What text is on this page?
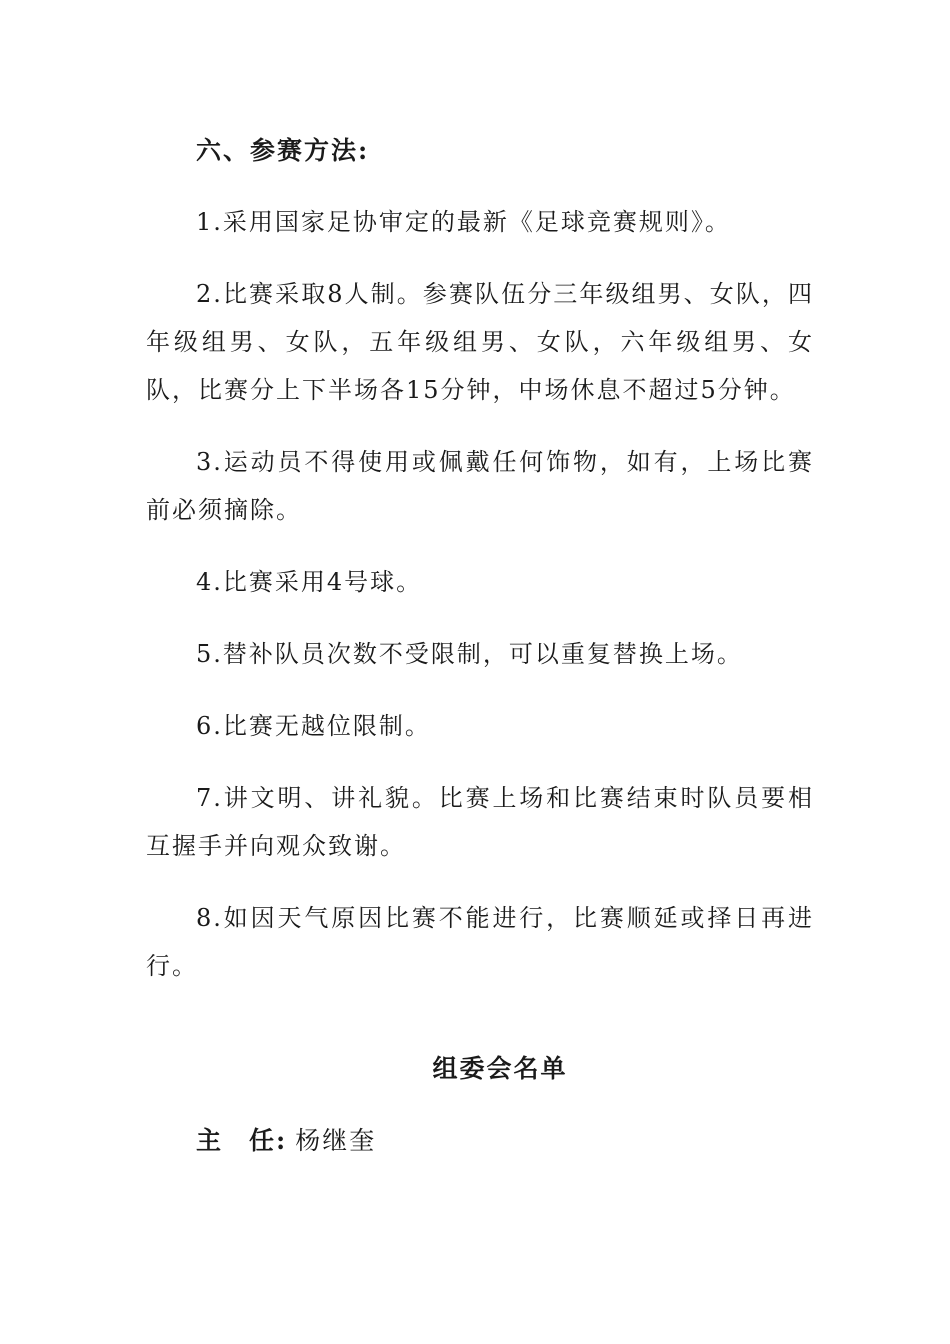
六、参赛方法:

1.采用国家足协审定的最新《足球竞赛规则》。

2.比赛采取8人制。参赛队伍分三年级组男、女队，四年级组男、女队，五年级组男、女队，六年级组男、女队，比赛分上下半场各15分钟，中场休息不超过5分钟。

3.运动员不得使用或佩戴任何饰物，如有，上场比赛前必须摘除。

4.比赛采用4号球。

5.替补队员次数不受限制，可以重复替换上场。

6.比赛无越位限制。

7.讲文明、讲礼貌。比赛上场和比赛结束时队员要相互握手并向观众致谢。

8.如因天气原因比赛不能进行，比赛顺延或择日再进行。

组委会名单

主 任: 杨继奎
